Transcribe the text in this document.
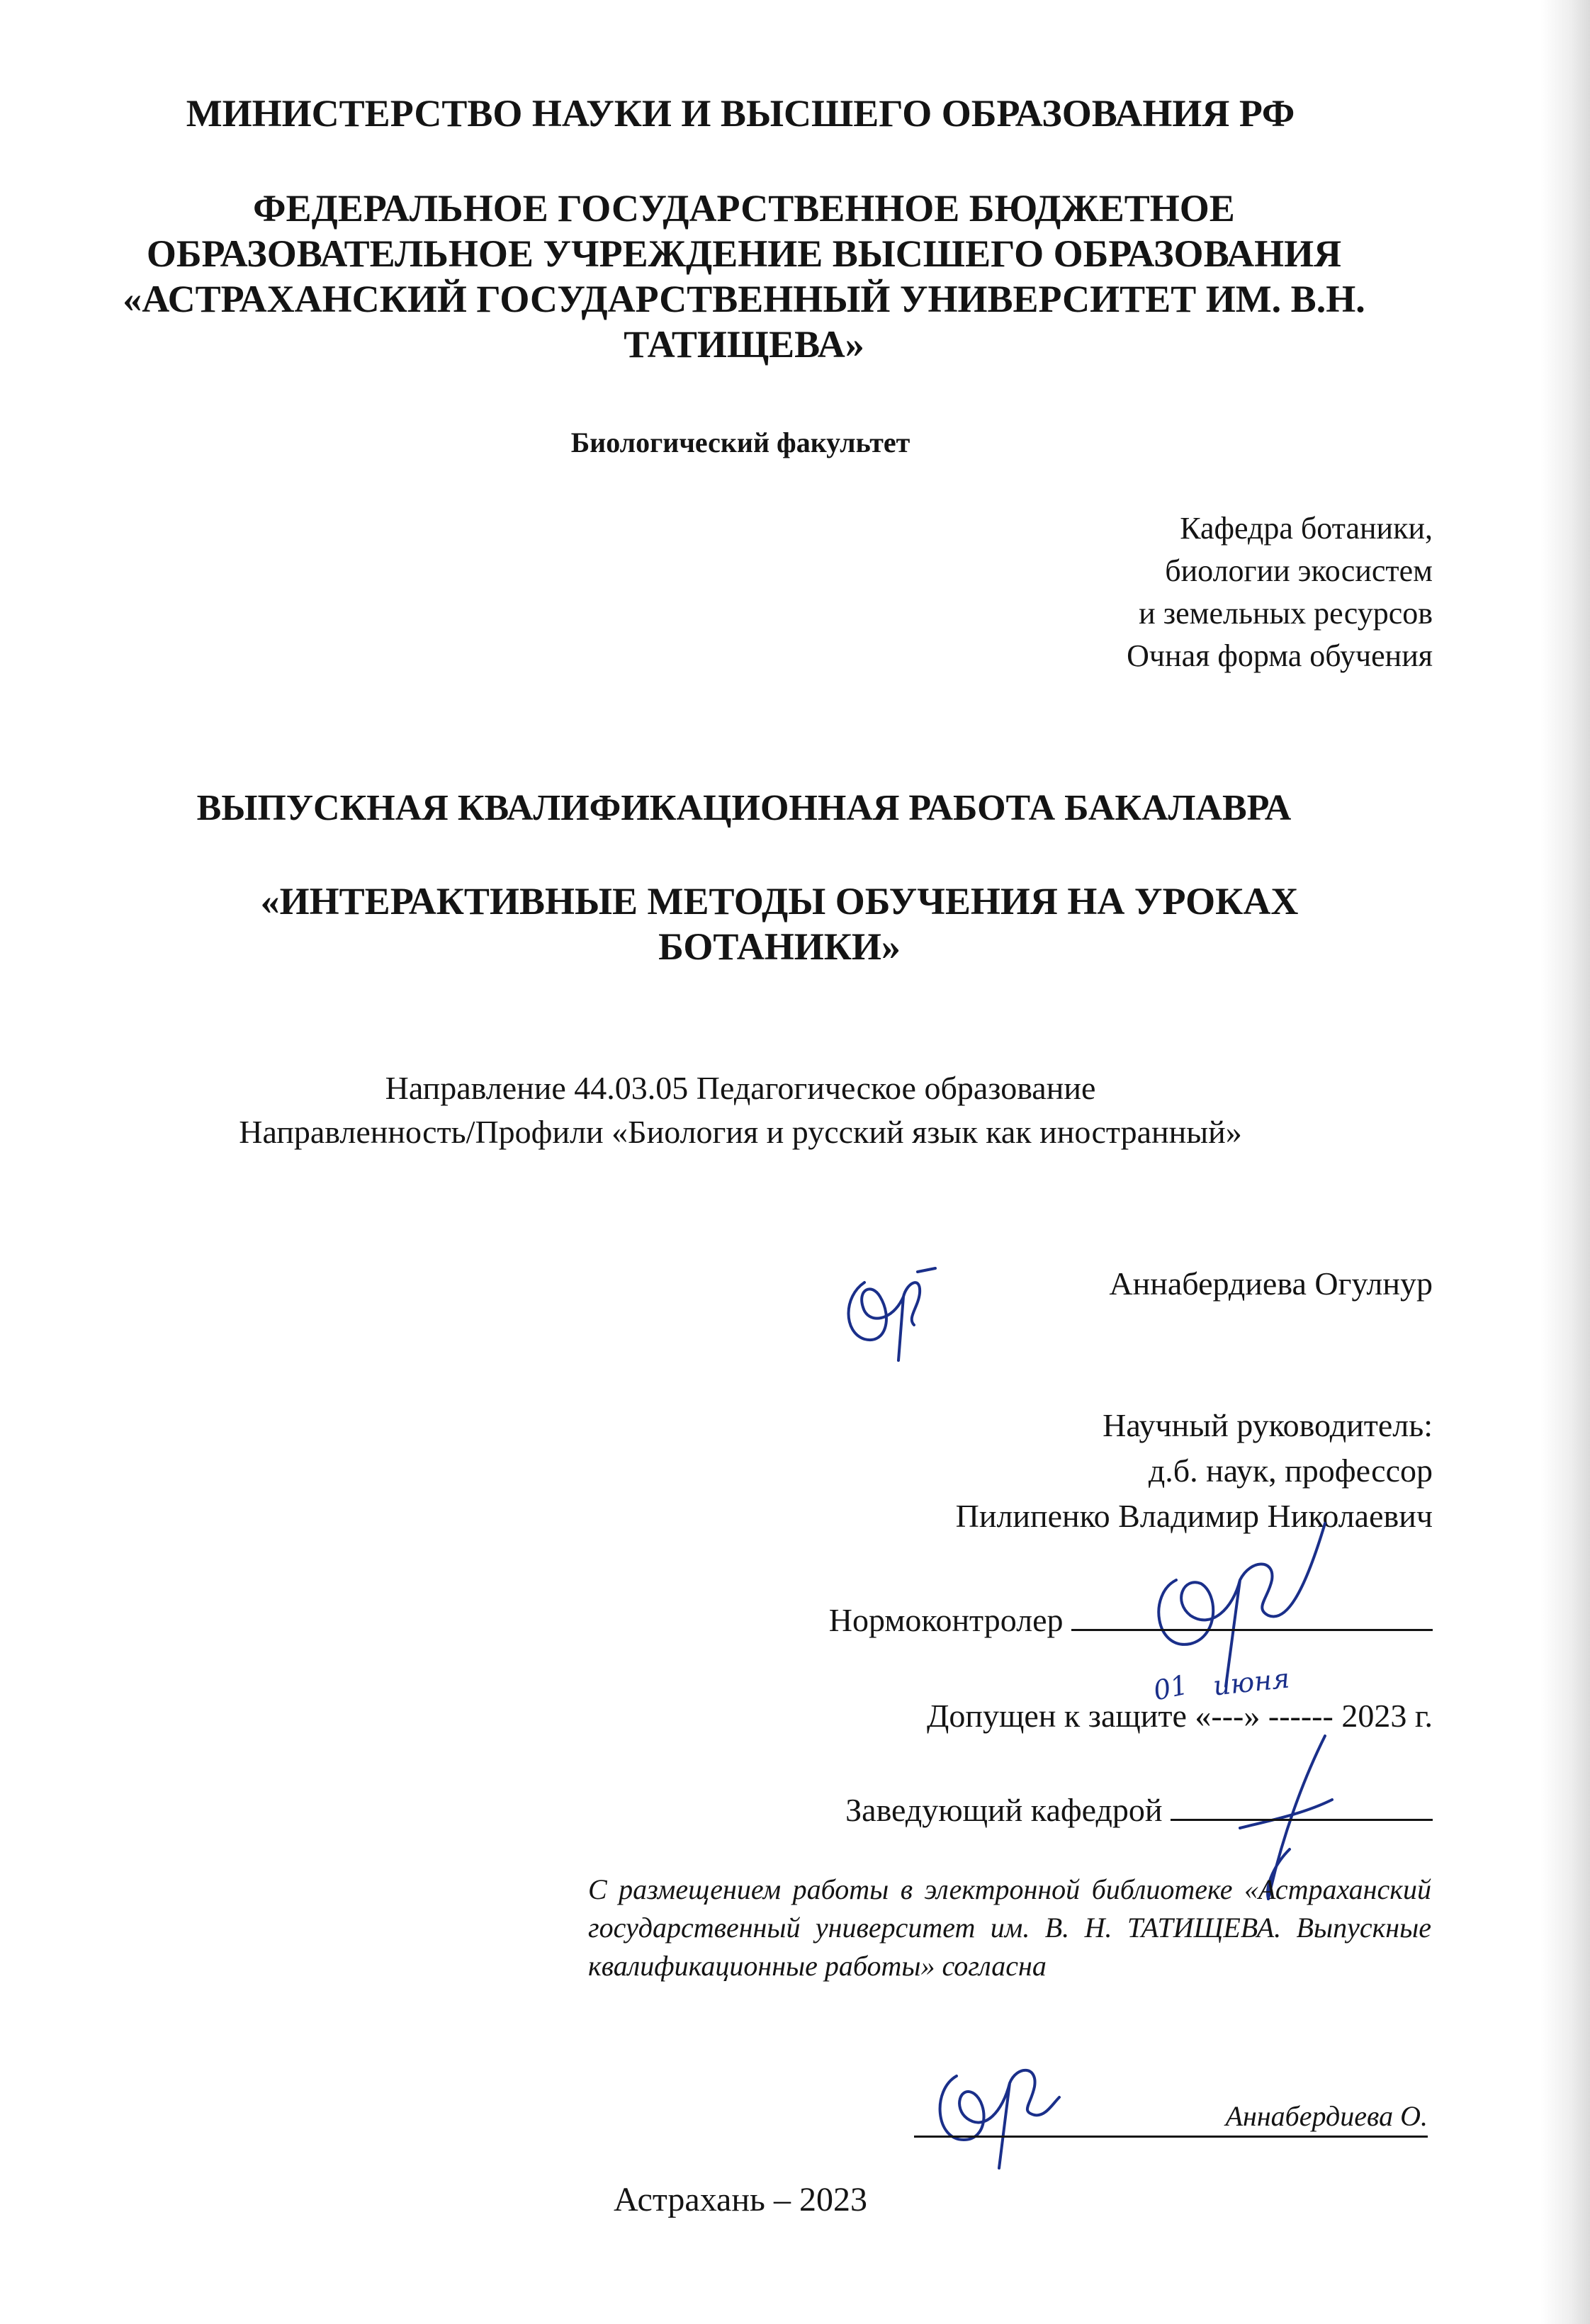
МИНИСТЕРСТВО НАУКИ И ВЫСШЕГО ОБРАЗОВАНИЯ РФ

ФЕДЕРАЛЬНОЕ ГОСУДАРСТВЕННОЕ БЮДЖЕТНОЕ
ОБРАЗОВАТЕЛЬНОЕ УЧРЕЖДЕНИЕ ВЫСШЕГО ОБРАЗОВАНИЯ
«АСТРАХАНСКИЙ ГОСУДАРСТВЕННЫЙ УНИВЕРСИТЕТ ИМ. В.Н.
ТАТИЩЕВА»

Биологический факультет

Кафедра ботаники,
биологии экосистем
и земельных ресурсов
Очная форма обучения

ВЫПУСКНАЯ КВАЛИФИКАЦИОННАЯ РАБОТА БАКАЛАВРА

«ИНТЕРАКТИВНЫЕ МЕТОДЫ ОБУЧЕНИЯ НА УРОКАХ
БОТАНИКИ»
Направление 44.03.05 Педагогическое образование
Направленность/Профили «Биология и русский язык как иностранный»

Аннабердиева Огулнур

Научный руководитель:
д.б. наук, профессор
Пилипенко Владимир Николаевич
Нормоконтролер
01 июня
Допущен к защите «---» ------ 2023 г.
Заведующий кафедрой

С размещением работы в электронной библиотеке «Астраханский государственный университет им. В. Н. ТАТИЩЕВА. Выпускные квалификационные работы» согласна

Аннабердиева О.

Астрахань – 2023
